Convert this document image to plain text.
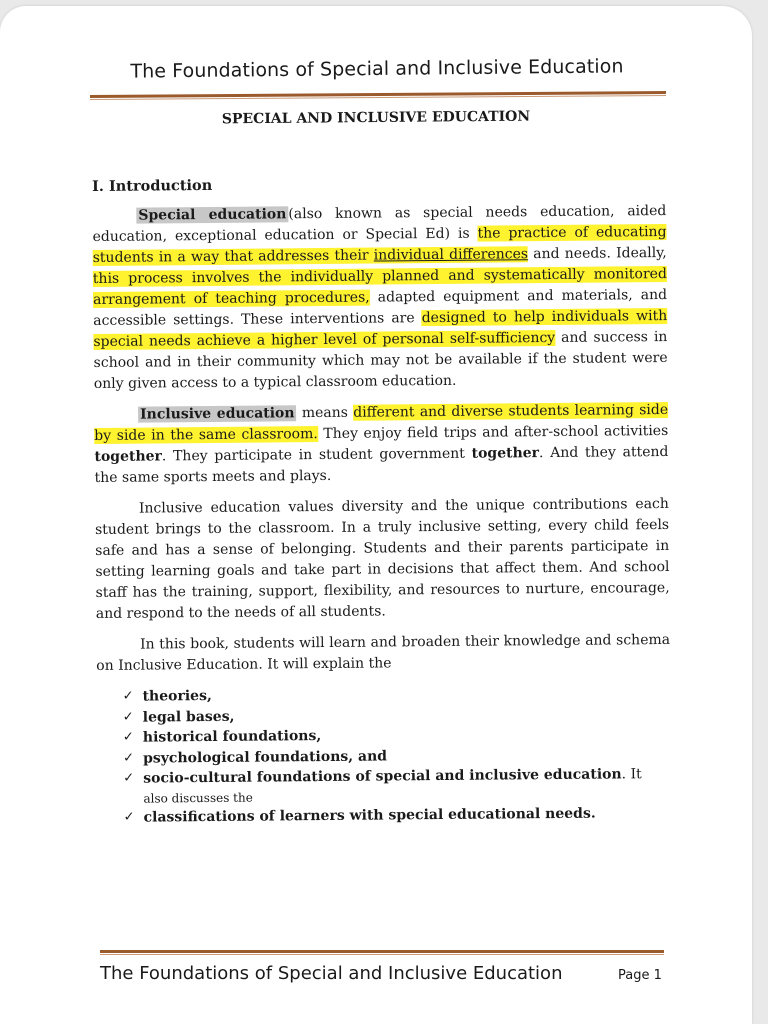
The Foundations of Special and Inclusive Education
SPECIAL AND INCLUSIVE EDUCATION
I. Introduction

Special education (also known as special needs education, aided education, exceptional education or Special Ed) is the practice of educating students in a way that addresses their individual differences and needs. Ideally, this process involves the individually planned and systematically monitored arrangement of teaching procedures, adapted equipment and materials, and accessible settings. These interventions are designed to help individuals with special needs achieve a higher level of personal self-sufficiency and success in school and in their community which may not be available if the student were only given access to a typical classroom education.

Inclusive education means different and diverse students learning side by side in the same classroom. They enjoy field trips and after-school activities together. They participate in student government together. And they attend the same sports meets and plays.

Inclusive education values diversity and the unique contributions each student brings to the classroom. In a truly inclusive setting, every child feels safe and has a sense of belonging. Students and their parents participate in setting learning goals and take part in decisions that affect them. And school staff has the training, support, flexibility, and resources to nurture, encourage, and respond to the needs of all students.

In this book, students will learn and broaden their knowledge and schema on Inclusive Education. It will explain the

✓ theories,
✓ legal bases,
✓ historical foundations,
✓ psychological foundations, and
✓ socio-cultural foundations of special and inclusive education. It
also discusses the
✓ classifications of learners with special educational needs.
The Foundations of Special and Inclusive Education	Page 1
